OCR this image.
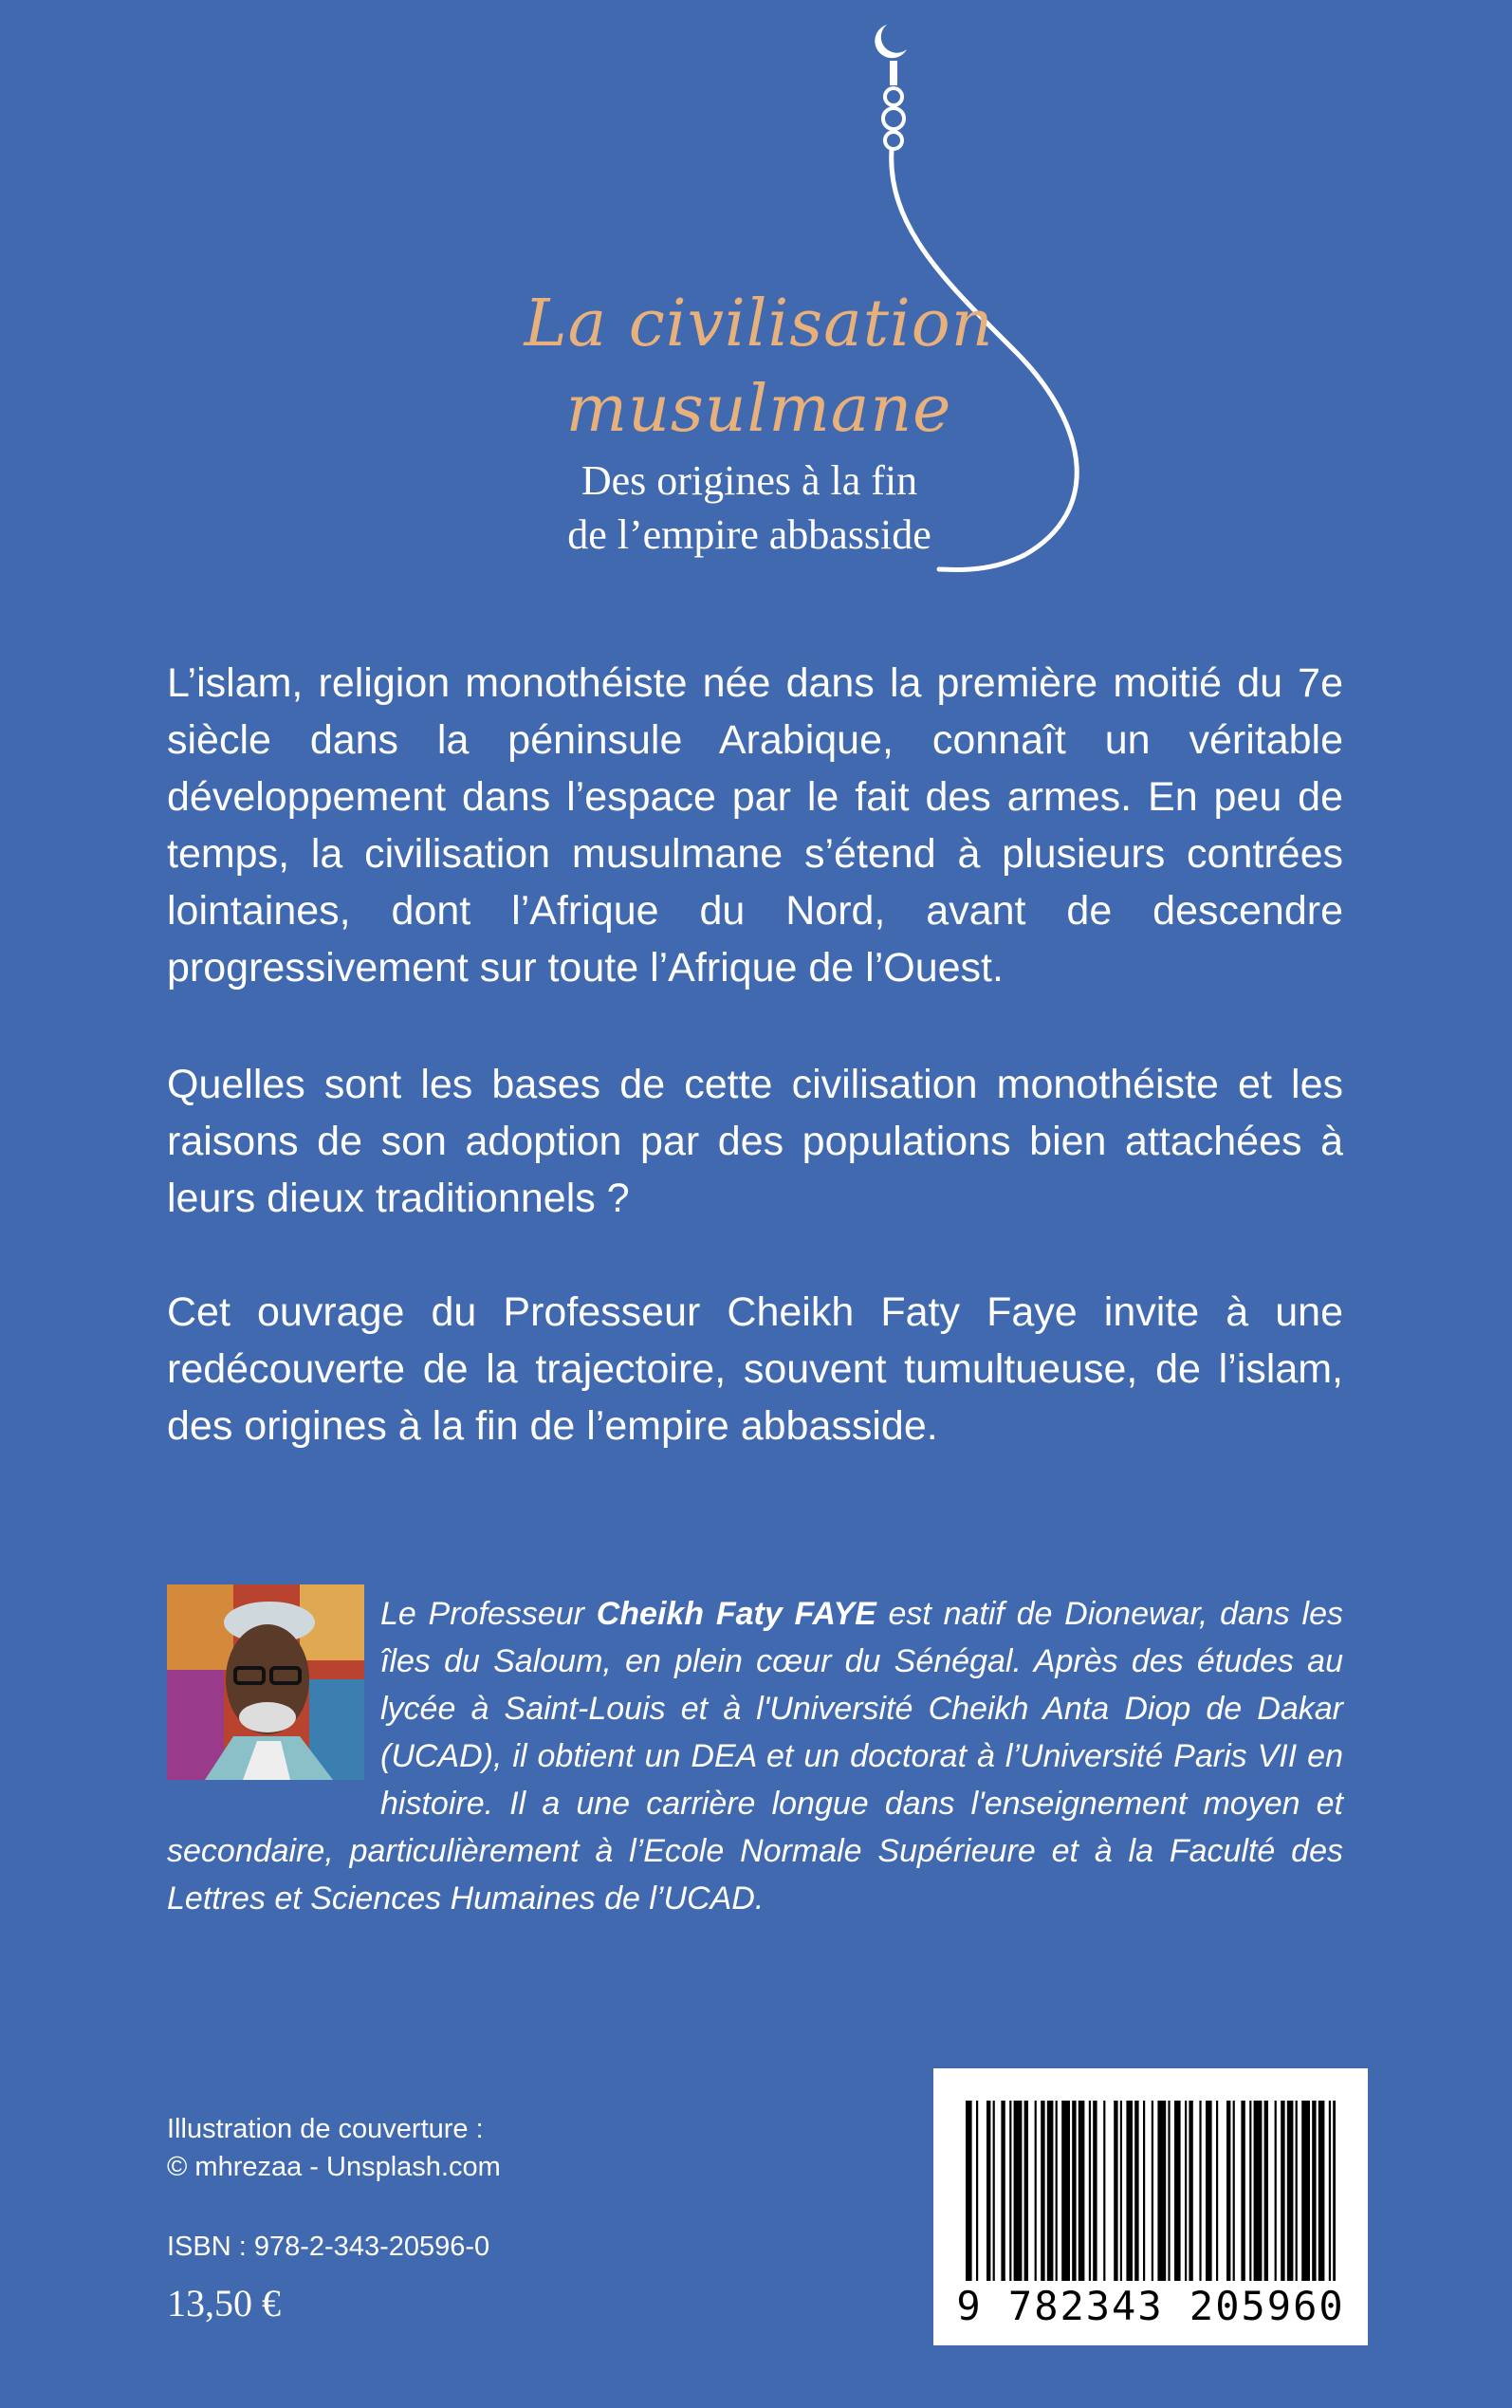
La civilisation
musulmane
Des origines à la fin
de l’empire abbasside

L’islam, religion monothéiste née dans la première moitié du 7e siècle dans la péninsule Arabique, connaît un véritable développement dans l’espace par le fait des armes. En peu de temps, la civilisation musulmane s’étend à plusieurs contrées lointaines, dont l’Afrique du Nord, avant de descendre progressivement sur toute l’Afrique de l’Ouest.

Quelles sont les bases de cette civilisation monothéiste et les raisons de son adoption par des populations bien attachées à leurs dieux traditionnels ?

Cet ouvrage du Professeur Cheikh Faty Faye invite à une redécouverte de la trajectoire, souvent tumultueuse, de l’islam, des origines à la fin de l’empire abbasside.

Le Professeur Cheikh Faty FAYE est natif de Dionewar, dans les îles du Saloum, en plein cœur du Sénégal. Après des études au lycée à Saint-Louis et à l'Université Cheikh Anta Diop de Dakar (UCAD), il obtient un DEA et un doctorat à l’Université Paris VII en histoire. Il a une carrière longue dans l'enseignement moyen et secondaire, particulièrement à l’Ecole Normale Supérieure et à la Faculté des Lettres et Sciences Humaines de l’UCAD.

Illustration de couverture :
© mhrezaa - Unsplash.com
ISBN : 978-2-343-20596-0
13,50 €	9 782343 205960
